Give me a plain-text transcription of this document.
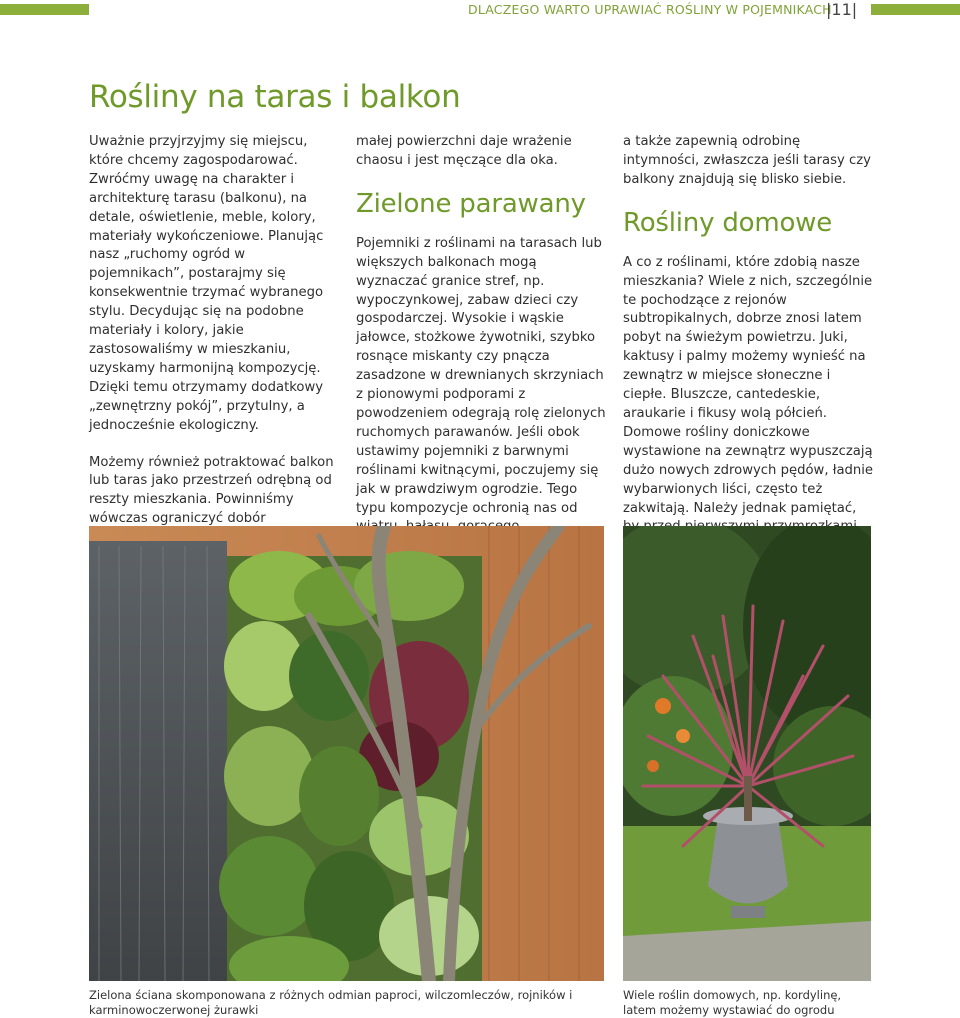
DLACZEGO WARTO UPRAWIAĆ ROŚLINY W POJEMNIKACH
|11|
Rośliny na taras i balkon

Uważnie przyjrzyjmy się miejscu, które chcemy zagospodarować. Zwróćmy uwagę na charakter i architekturę tarasu (balkonu), na detale, oświetlenie, meble, kolory, materiały wykończeniowe. Planując nasz „ruchomy ogród w pojemnikach”, postarajmy się konsekwentnie trzymać wybranego stylu. Decydując się na podobne materiały i kolory, jakie zastosowaliśmy w mieszkaniu, uzyskamy harmonijną kompozycję. Dzięki temu otrzymamy dodatkowy „zewnętrzny pokój”, przytulny, a jednocześnie ekologiczny.

Możemy również potraktować balkon lub taras jako przestrzeń odrębną od reszty mieszkania. Powinniśmy wówczas ograniczyć dobór

małej powierzchni daje wrażenie chaosu i jest męczące dla oka.

Zielone parawany

Pojemniki z roślinami na tarasach lub większych balkonach mogą wyznaczać granice stref, np. wypoczynkowej, zabaw dzieci czy gospodarczej. Wysokie i wąskie jałowce, stożkowe żywotniki, szybko rosnące miskanty czy pnącza zasadzone w drewnianych skrzyniach z pionowymi podporami z powodzeniem odegrają rolę zielonych ruchomych parawanów. Jeśli obok ustawimy pojemniki z barwnymi roślinami kwitnącymi, poczujemy się jak w prawdziwym ogrodzie. Tego typu kompozycje ochronią nas od

a także zapewnią odrobinę intymności, zwłaszcza jeśli tarasy czy balkony znajdują się blisko siebie.

Rośliny domowe

A co z roślinami, które zdobią nasze mieszkania? Wiele z nich, szczególnie te pochodzące z rejonów subtropikalnych, dobrze znosi latem pobyt na świeżym powietrzu. Juki, kaktusy i palmy możemy wynieść na zewnątrz w miejsce słoneczne i ciepłe. Bluszcze, cantedeskie, araukarie i fikusy wolą półcień. Domowe rośliny doniczkowe wystawione na zewnątrz wypuszczają dużo nowych zdrowych pędów, ładnie wybarwionych liści, często też zakwitają. Należy jednak pamiętać,

Zielona ściana skomponowana z różnych odmian paproci, wilczomleczów, rojników i karminowoczerwonej żurawki
Wiele roślin domowych, np. kordylinę, latem możemy wystawiać do ogrodu
